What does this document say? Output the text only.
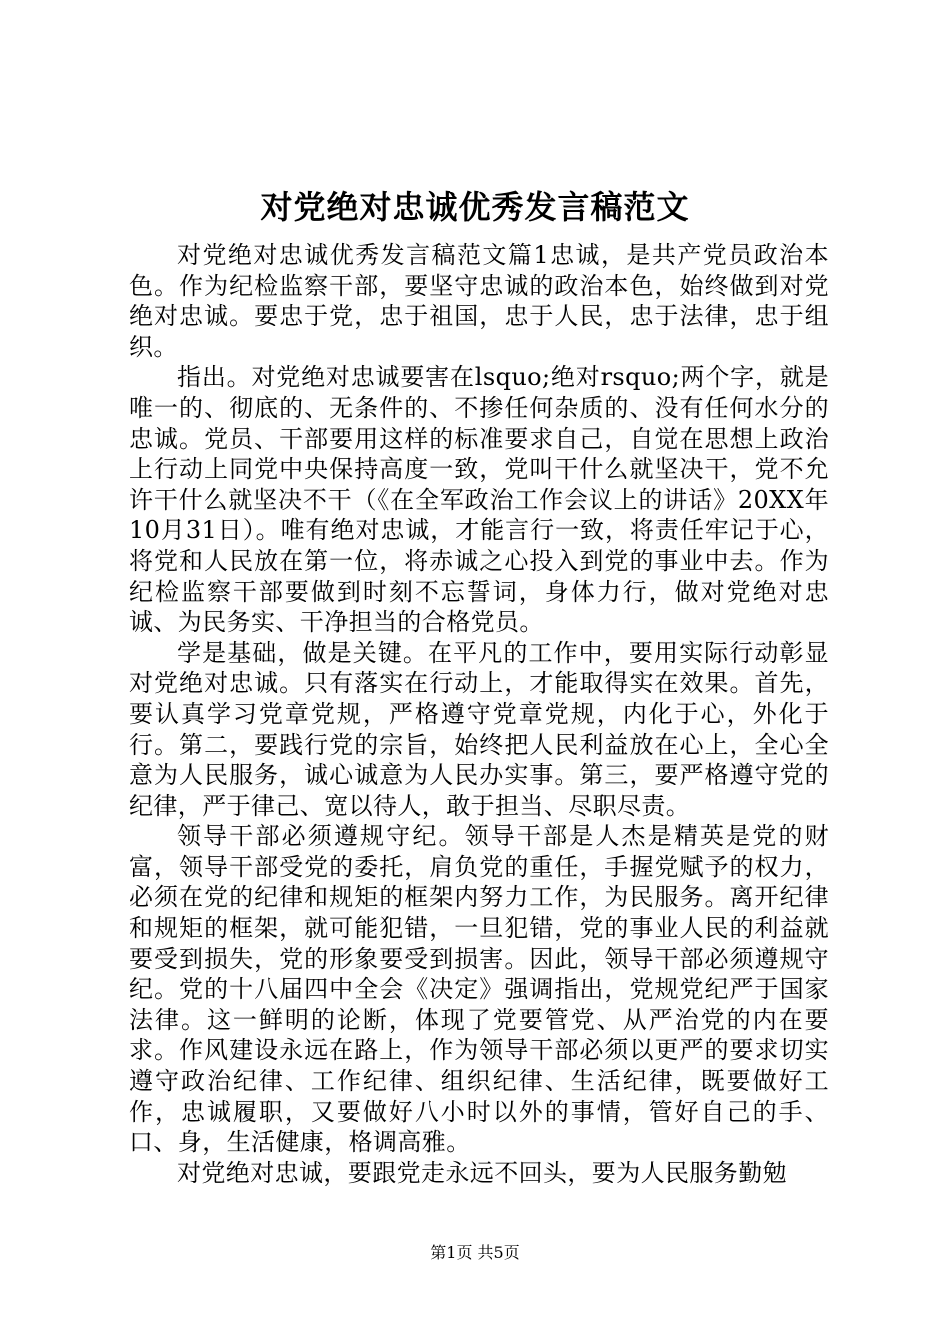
对党绝对忠诚优秀发言稿范文

对党绝对忠诚优秀发言稿范文篇1忠诚，是共产党员政治本色。作为纪检监察干部，要坚守忠诚的政治本色，始终做到对党绝对忠诚。要忠于党，忠于祖国，忠于人民，忠于法律，忠于组织。

指出。对党绝对忠诚要害在lsquo;绝对rsquo;两个字，就是唯一的、彻底的、无条件的、不掺任何杂质的、没有任何水分的忠诚。党员、干部要用这样的标准要求自己，自觉在思想上政治上行动上同党中央保持高度一致，党叫干什么就坚决干，党不允许干什么就坚决不干（《在全军政治工作会议上的讲话》20XX年10月31日）。唯有绝对忠诚，才能言行一致，将责任牢记于心，将党和人民放在第一位，将赤诚之心投入到党的事业中去。作为纪检监察干部要做到时刻不忘誓词，身体力行，做对党绝对忠诚、为民务实、干净担当的合格党员。

学是基础，做是关键。在平凡的工作中，要用实际行动彰显对党绝对忠诚。只有落实在行动上，才能取得实在效果。首先，要认真学习党章党规，严格遵守党章党规，内化于心，外化于行。第二，要践行党的宗旨，始终把人民利益放在心上，全心全意为人民服务，诚心诚意为人民办实事。第三，要严格遵守党的纪律，严于律己、宽以待人，敢于担当、尽职尽责。

领导干部必须遵规守纪。领导干部是人杰是精英是党的财富，领导干部受党的委托，肩负党的重任，手握党赋予的权力，必须在党的纪律和规矩的框架内努力工作，为民服务。离开纪律和规矩的框架，就可能犯错，一旦犯错，党的事业人民的利益就要受到损失，党的形象要受到损害。因此，领导干部必须遵规守纪。党的十八届四中全会《决定》强调指出，党规党纪严于国家法律。这一鲜明的论断，体现了党要管党、从严治党的内在要求。作风建设永远在路上，作为领导干部必须以更严的要求切实遵守政治纪律、工作纪律、组织纪律、生活纪律，既要做好工作，忠诚履职，又要做好八小时以外的事情，管好自己的手、口、身，生活健康，格调高雅。

对党绝对忠诚，要跟党走永远不回头，要为人民服务勤勉

第1页 共5页
